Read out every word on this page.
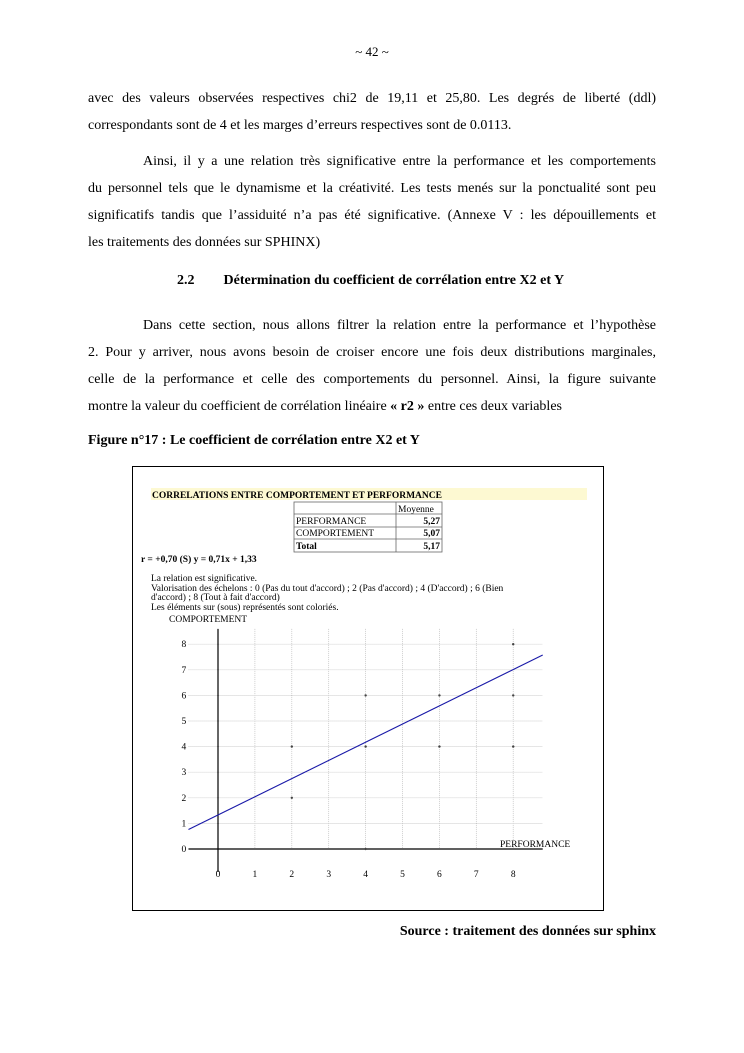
~ 42 ~
avec des valeurs observées respectives chi2 de 19,11 et 25,80. Les degrés de liberté (ddl)
correspondants sont de 4 et les marges d’erreurs respectives sont de 0.0113.
Ainsi, il y a une relation très significative entre la performance et les comportements
du personnel tels que le dynamisme et la créativité. Les tests menés sur la ponctualité sont peu
significatifs tandis que l’assiduité n’a pas été significative. (Annexe V : les dépouillements et
les traitements des données sur SPHINX)
2.2 Détermination du coefficient de corrélation entre X2 et Y
Dans cette section, nous allons filtrer la relation entre la performance et l’hypothèse
2. Pour y arriver, nous avons besoin de croiser encore une fois deux distributions marginales,
celle de la performance et celle des comportements du personnel. Ainsi, la figure suivante
montre la valeur du coefficient de corrélation linéaire « r2 » entre ces deux variables
Figure n°17 : Le coefficient de corrélation entre X2 et Y
CORRELATIONS ENTRE COMPORTEMENT ET PERFORMANCE
Moyenne
PERFORMANCE	5,27
COMPORTEMENT	5,07
Total	5,17
r = +0,70 (S) y = 0,71x + 1,33
La relation est significative.
Valorisation des échelons : 0 (Pas du tout d'accord) ; 2 (Pas d'accord) ; 4 (D'accord) ; 6 (Bien
d'accord) ; 8 (Tout à fait d'accord)
Les éléments sur (sous) représentés sont coloriés.
COMPORTEMENT
PERFORMANCE
0	1	2	3	4	5	6	7	8
0
1
2
3
4
5
6
7
8
Source : traitement des données sur sphinx
